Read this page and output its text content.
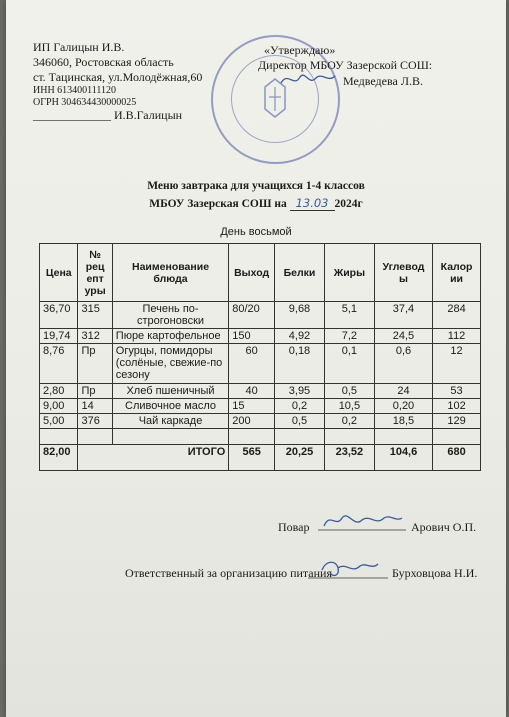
ИП Галицын И.В.
346060, Ростовская область
ст. Тацинская, ул.Молодёжная,60
ИНН 613400111120
ОГРН 304634430000025
_____________ И.В.Галицын
«Утверждаю»
Директор МБОУ Зазерской СОШ:
Медведева Л.В.
Меню завтрака для учащихся 1-4 классов
МБОУ Зазерская СОШ на 13.03 2024г
День восьмой
Цена	№ рец епт уры	Наименование блюда	Выход	Белки	Жиры	Углевод ы	Калор ии
36,70	315	Печень по-строгоновски	80/20	9,68	5,1	37,4	284
19,74	312	Пюре картофельное	150	4,92	7,2	24,5	112
8,76	Пр	Огурцы, помидоры (солёные, свежие-по сезону	60	0,18	0,1	0,6	12
2,80	Пр	Хлеб пшеничный	40	3,95	0,5	24	53
9,00	14	Сливочное масло	15	0,2	10,5	0,20	102
5,00	376	Чай каркаде	200	0,5	0,2	18,5	129

82,00	ИТОГО		565	20,25	23,52	104,6	680
Повар	Арович О.П.
Ответственный за организацию питания	Бурховцова Н.И.
